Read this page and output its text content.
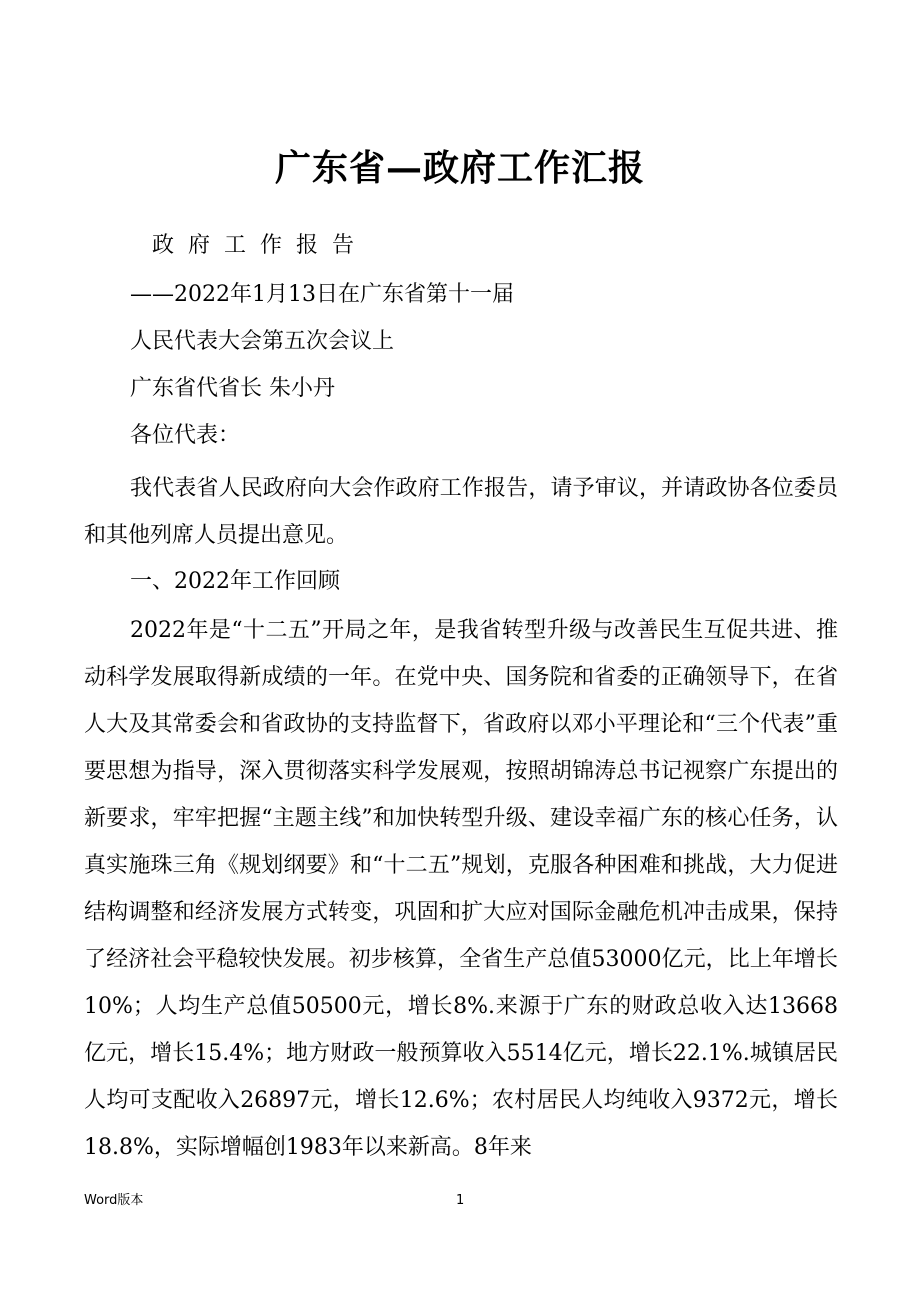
广东省—政府工作汇报
政府工作报告
——2022年1月13日在广东省第十一届
人民代表大会第五次会议上
广东省代省长 朱小丹
各位代表：
我代表省人民政府向大会作政府工作报告，请予审议，并请政协各位委员和其他列席人员提出意见。
一、2022年工作回顾
2022年是“十二五”开局之年，是我省转型升级与改善民生互促共进、推动科学发展取得新成绩的一年。在党中央、国务院和省委的正确领导下，在省人大及其常委会和省政协的支持监督下，省政府以邓小平理论和“三个代表”重要思想为指导，深入贯彻落实科学发展观，按照胡锦涛总书记视察广东提出的新要求，牢牢把握“主题主线”和加快转型升级、建设幸福广东的核心任务，认真实施珠三角《规划纲要》和“十二五”规划，克服各种困难和挑战，大力促进结构调整和经济发展方式转变，巩固和扩大应对国际金融危机冲击成果，保持了经济社会平稳较快发展。初步核算，全省生产总值53000亿元，比上年增长10%；人均生产总值50500元，增长8%.来源于广东的财政总收入达13668亿元，增长15.4%；地方财政一般预算收入5514亿元，增长22.1%.城镇居民人均可支配收入26897元，增长12.6%；农村居民人均纯收入9372元，增长18.8%，实际增幅创1983年以来新高。8年来
Word版本	1
